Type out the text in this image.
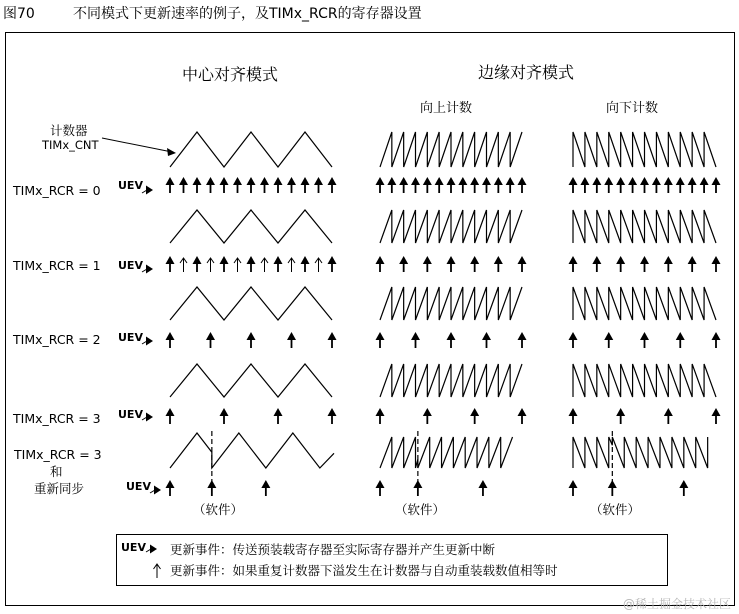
图70	不同模式下更新速率的例子，及TIMx_RCR的寄存器设置
中心对齐模式	边缘对齐模式
向上计数	向下计数
计数器
TIMx_CNT
TIMx_RCR = 0
TIMx_RCR = 1
TIMx_RCR = 2
TIMx_RCR = 3
TIMx_RCR = 3
和
重新同步
UEV
UEV
UEV
UEV
UEV
（软件）	（软件）	（软件）
UEV 更新事件：传送预装载寄存器至实际寄存器并产生更新中断
更新事件：如果重复计数器下溢发生在计数器与自动重装载数值相等时
@稀土掘金技术社区
